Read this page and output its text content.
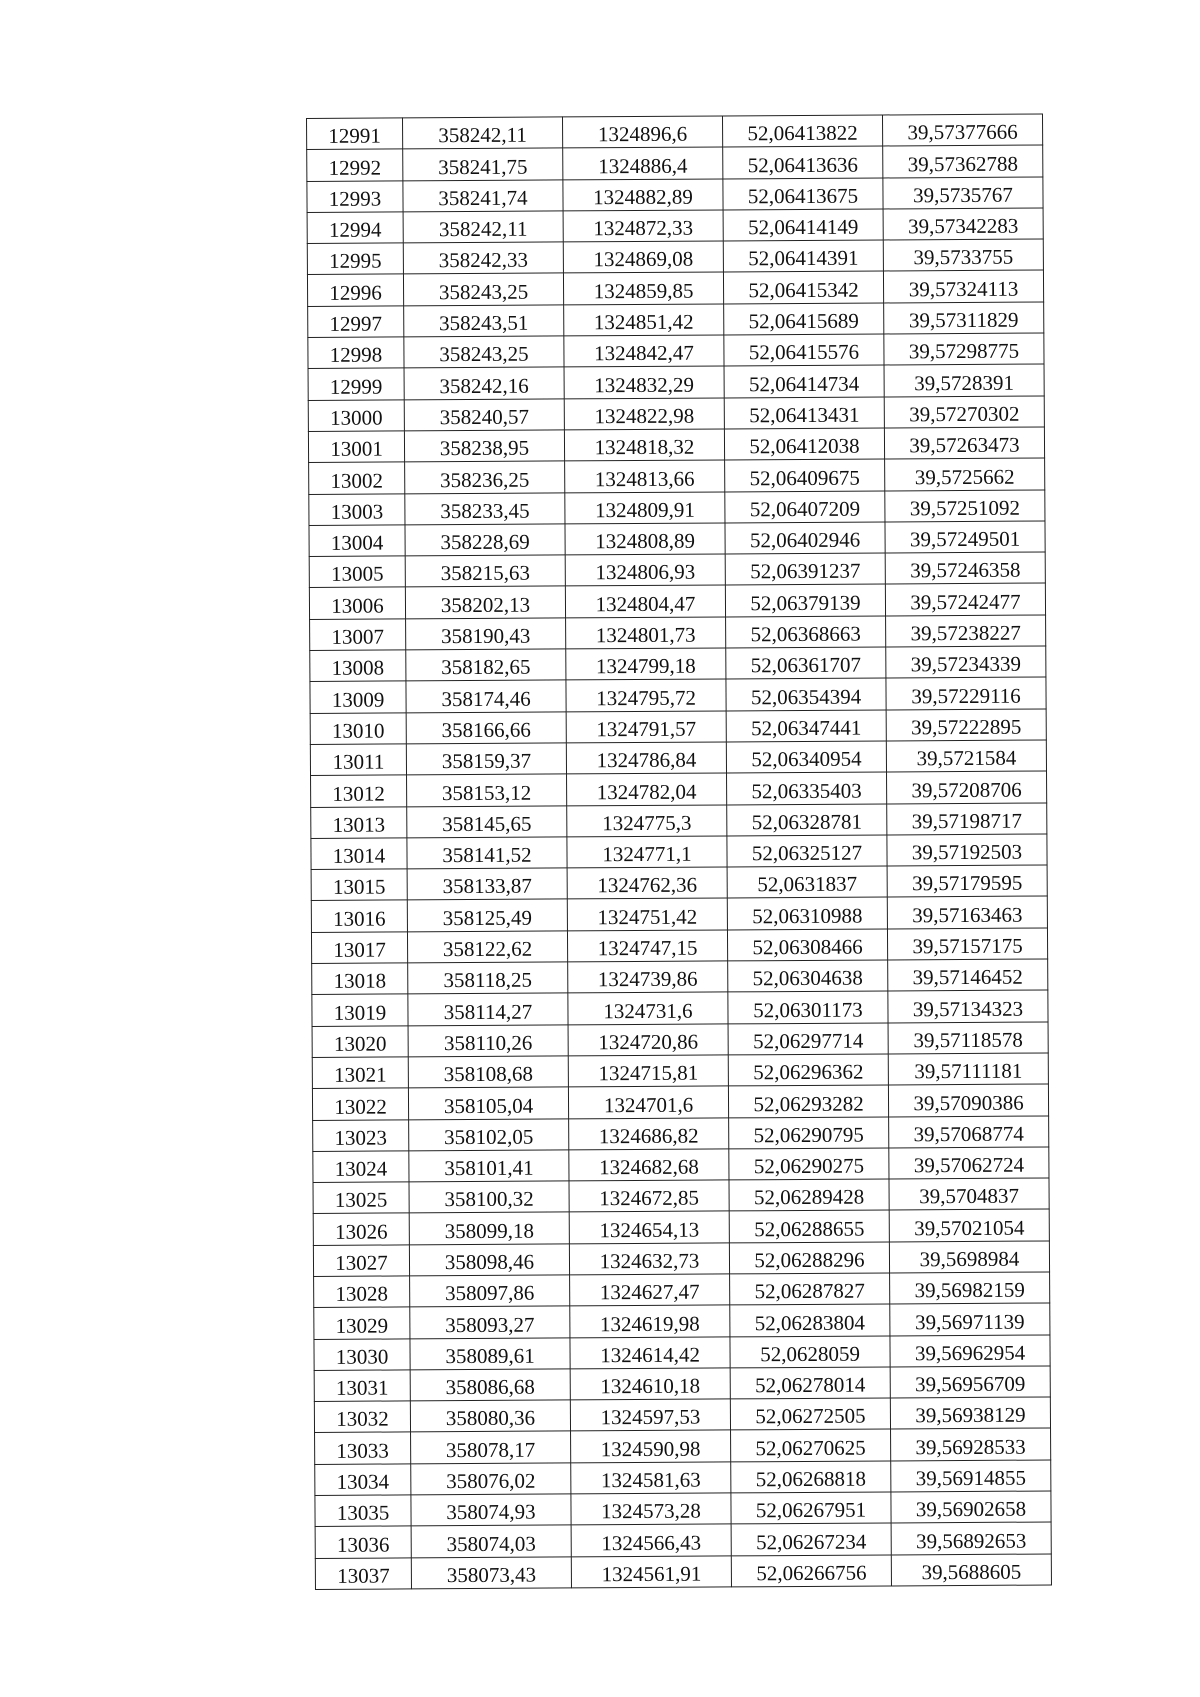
12991	358242,11	1324896,6	52,06413822	39,57377666
12992	358241,75	1324886,4	52,06413636	39,57362788
12993	358241,74	1324882,89	52,06413675	39,5735767
12994	358242,11	1324872,33	52,06414149	39,57342283
12995	358242,33	1324869,08	52,06414391	39,5733755
12996	358243,25	1324859,85	52,06415342	39,57324113
12997	358243,51	1324851,42	52,06415689	39,57311829
12998	358243,25	1324842,47	52,06415576	39,57298775
12999	358242,16	1324832,29	52,06414734	39,5728391
13000	358240,57	1324822,98	52,06413431	39,57270302
13001	358238,95	1324818,32	52,06412038	39,57263473
13002	358236,25	1324813,66	52,06409675	39,5725662
13003	358233,45	1324809,91	52,06407209	39,57251092
13004	358228,69	1324808,89	52,06402946	39,57249501
13005	358215,63	1324806,93	52,06391237	39,57246358
13006	358202,13	1324804,47	52,06379139	39,57242477
13007	358190,43	1324801,73	52,06368663	39,57238227
13008	358182,65	1324799,18	52,06361707	39,57234339
13009	358174,46	1324795,72	52,06354394	39,57229116
13010	358166,66	1324791,57	52,06347441	39,57222895
13011	358159,37	1324786,84	52,06340954	39,5721584
13012	358153,12	1324782,04	52,06335403	39,57208706
13013	358145,65	1324775,3	52,06328781	39,57198717
13014	358141,52	1324771,1	52,06325127	39,57192503
13015	358133,87	1324762,36	52,0631837	39,57179595
13016	358125,49	1324751,42	52,06310988	39,57163463
13017	358122,62	1324747,15	52,06308466	39,57157175
13018	358118,25	1324739,86	52,06304638	39,57146452
13019	358114,27	1324731,6	52,06301173	39,57134323
13020	358110,26	1324720,86	52,06297714	39,57118578
13021	358108,68	1324715,81	52,06296362	39,57111181
13022	358105,04	1324701,6	52,06293282	39,57090386
13023	358102,05	1324686,82	52,06290795	39,57068774
13024	358101,41	1324682,68	52,06290275	39,57062724
13025	358100,32	1324672,85	52,06289428	39,5704837
13026	358099,18	1324654,13	52,06288655	39,57021054
13027	358098,46	1324632,73	52,06288296	39,5698984
13028	358097,86	1324627,47	52,06287827	39,56982159
13029	358093,27	1324619,98	52,06283804	39,56971139
13030	358089,61	1324614,42	52,0628059	39,56962954
13031	358086,68	1324610,18	52,06278014	39,56956709
13032	358080,36	1324597,53	52,06272505	39,56938129
13033	358078,17	1324590,98	52,06270625	39,56928533
13034	358076,02	1324581,63	52,06268818	39,56914855
13035	358074,93	1324573,28	52,06267951	39,56902658
13036	358074,03	1324566,43	52,06267234	39,56892653
13037	358073,43	1324561,91	52,06266756	39,5688605
